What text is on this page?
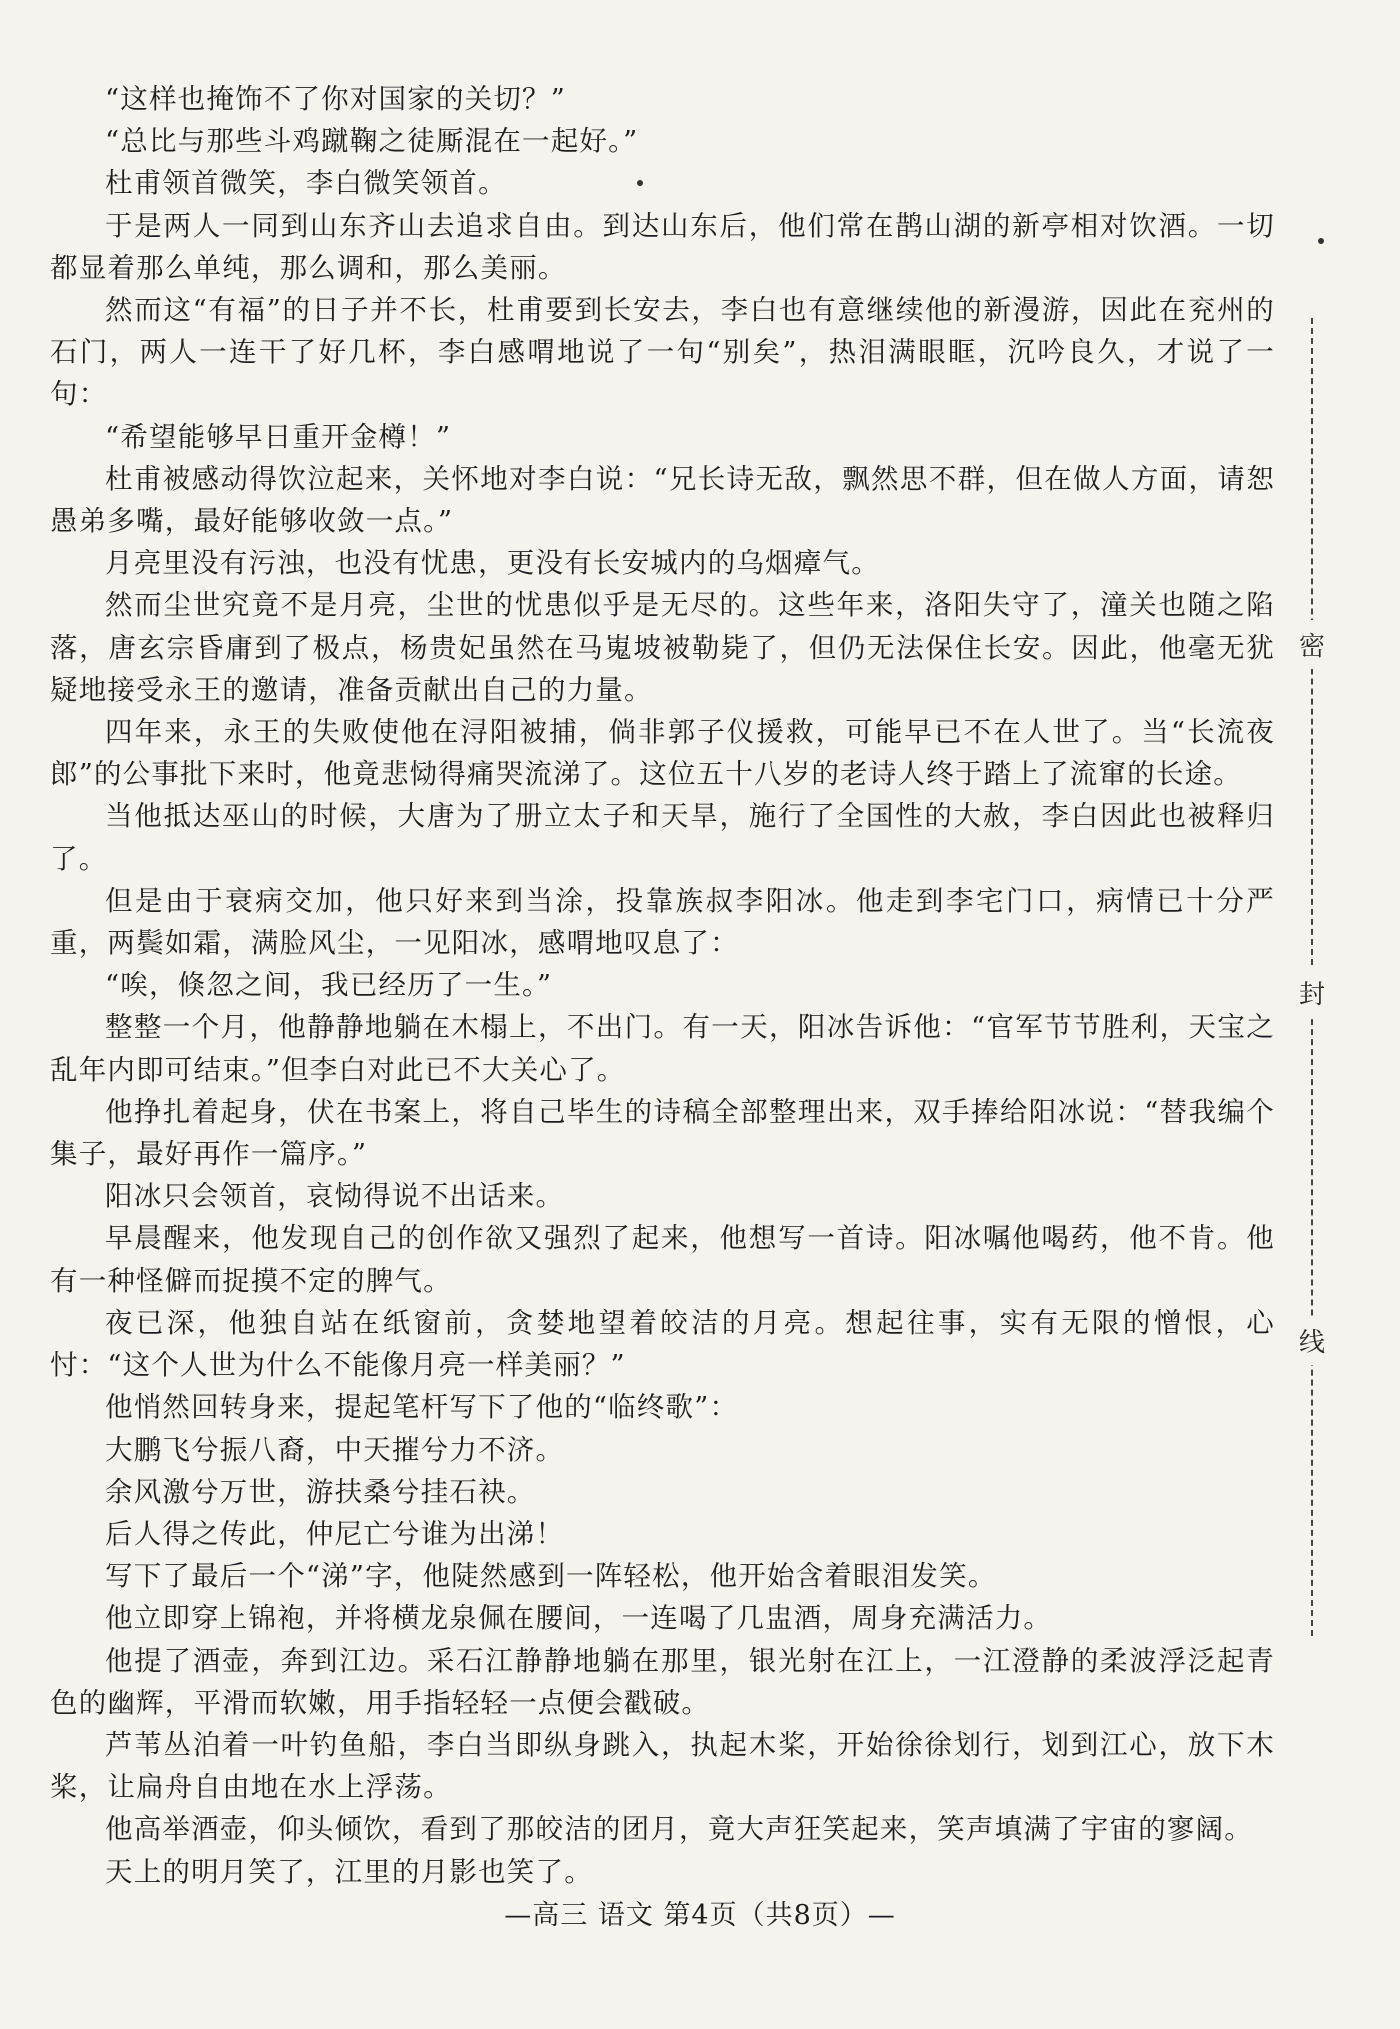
“这样也掩饰不了你对国家的关切？”

“总比与那些斗鸡蹴鞠之徒厮混在一起好。”

杜甫领首微笑，李白微笑领首。

于是两人一同到山东齐山去追求自由。到达山东后，他们常在鹊山湖的新亭相对饮酒。一切都显着那么单纯，那么调和，那么美丽。

然而这“有福”的日子并不长，杜甫要到长安去，李白也有意继续他的新漫游，因此在兖州的石门，两人一连干了好几杯，李白感喟地说了一句“别矣”，热泪满眼眶，沉吟良久，才说了一句：

“希望能够早日重开金樽！”

杜甫被感动得饮泣起来，关怀地对李白说：“兄长诗无敌，飘然思不群，但在做人方面，请恕愚弟多嘴，最好能够收敛一点。”

月亮里没有污浊，也没有忧患，更没有长安城内的乌烟瘴气。

然而尘世究竟不是月亮，尘世的忧患似乎是无尽的。这些年来，洛阳失守了，潼关也随之陷落，唐玄宗昏庸到了极点，杨贵妃虽然在马嵬坡被勒毙了，但仍无法保住长安。因此，他毫无犹疑地接受永王的邀请，准备贡献出自己的力量。

四年来，永王的失败使他在浔阳被捕，倘非郭子仪援救，可能早已不在人世了。当“长流夜郎”的公事批下来时，他竟悲恸得痛哭流涕了。这位五十八岁的老诗人终于踏上了流窜的长途。

当他抵达巫山的时候，大唐为了册立太子和天旱，施行了全国性的大赦，李白因此也被释归了。

但是由于衰病交加，他只好来到当涂，投靠族叔李阳冰。他走到李宅门口，病情已十分严重，两鬓如霜，满脸风尘，一见阳冰，感喟地叹息了：

“唉，倏忽之间，我已经历了一生。”

整整一个月，他静静地躺在木榻上，不出门。有一天，阳冰告诉他：“官军节节胜利，天宝之乱年内即可结束。”但李白对此已不大关心了。

他挣扎着起身，伏在书案上，将自己毕生的诗稿全部整理出来，双手捧给阳冰说：“替我编个集子，最好再作一篇序。”

阳冰只会领首，哀恸得说不出话来。

早晨醒来，他发现自己的创作欲又强烈了起来，他想写一首诗。阳冰嘱他喝药，他不肯。他有一种怪僻而捉摸不定的脾气。

夜已深，他独自站在纸窗前，贪婪地望着皎洁的月亮。想起往事，实有无限的憎恨，心忖：“这个人世为什么不能像月亮一样美丽？”

他悄然回转身来，提起笔杆写下了他的“临终歌”：

大鹏飞兮振八裔，中天摧兮力不济。

余风激兮万世，游扶桑兮挂石袂。

后人得之传此，仲尼亡兮谁为出涕！

写下了最后一个“涕”字，他陡然感到一阵轻松，他开始含着眼泪发笑。

他立即穿上锦袍，并将横龙泉佩在腰间，一连喝了几盅酒，周身充满活力。

他提了酒壶，奔到江边。采石江静静地躺在那里，银光射在江上，一江澄静的柔波浮泛起青色的幽辉，平滑而软嫩，用手指轻轻一点便会戳破。

芦苇丛泊着一叶钓鱼船，李白当即纵身跳入，执起木桨，开始徐徐划行，划到江心，放下木桨，让扁舟自由地在水上浮荡。

他高举酒壶，仰头倾饮，看到了那皎洁的团月，竟大声狂笑起来，笑声填满了宇宙的寥阔。

天上的明月笑了，江里的月影也笑了。

密
封
线
—高三 语文 第4页（共8页）—
